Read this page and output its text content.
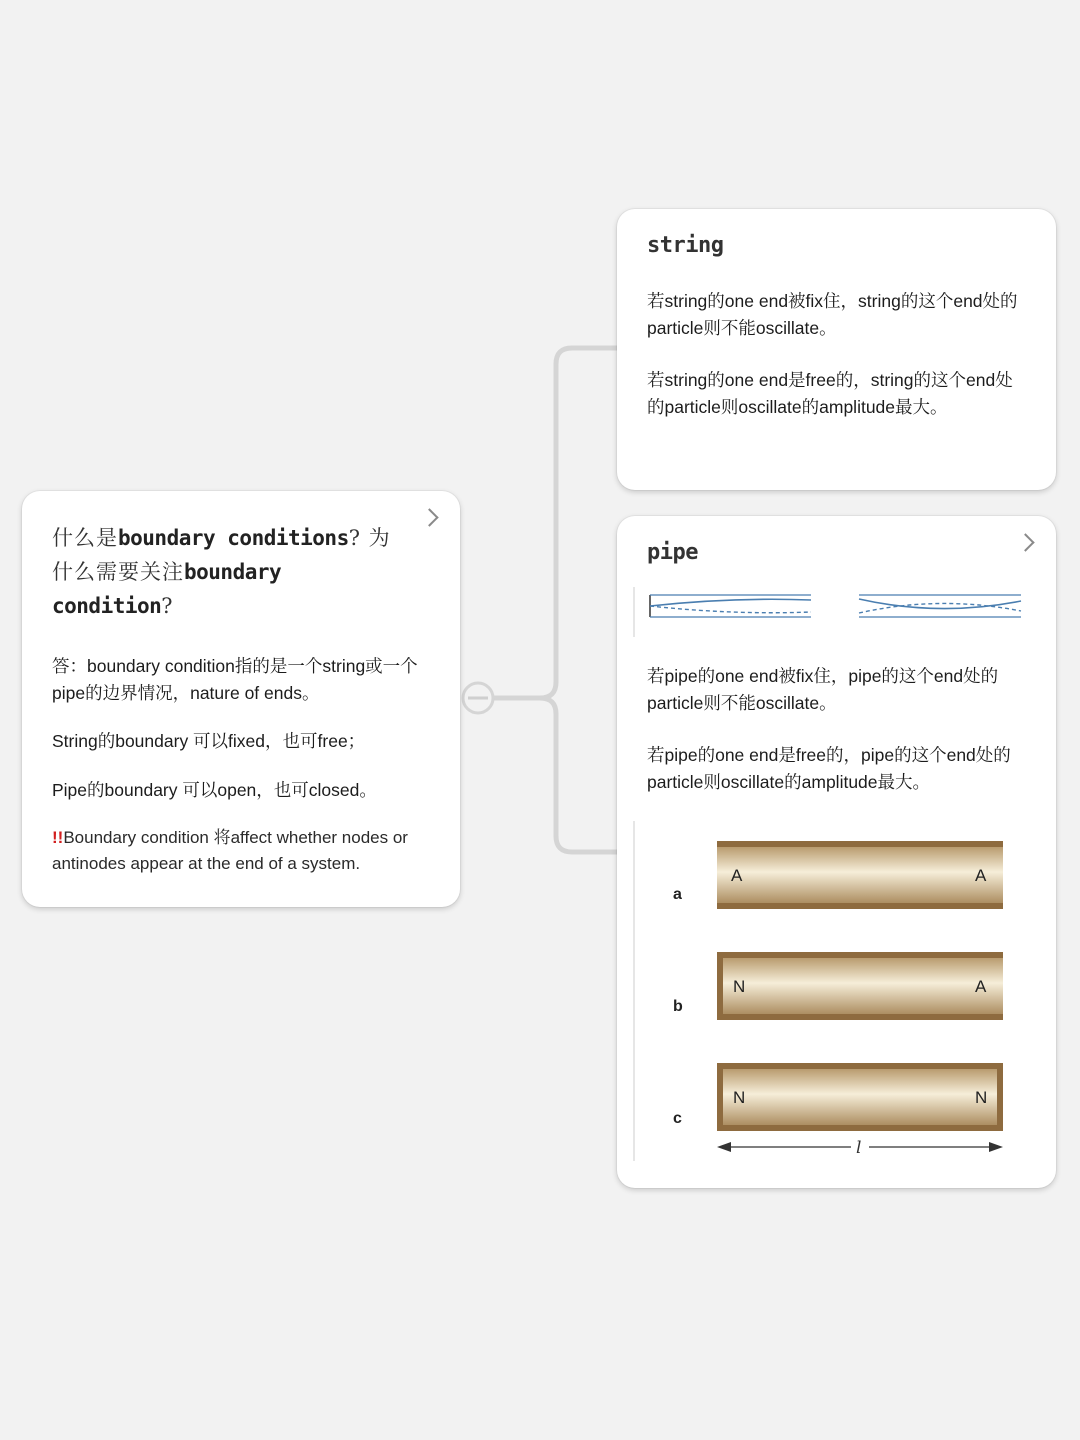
什么是boundary conditions? 为什么需要关注boundary condition?

答：boundary condition指的是一个string或一个pipe的边界情况，nature of ends。

String的boundary 可以fixed，也可free；

Pipe的boundary 可以open，也可closed。

!!Boundary condition 将affect whether nodes or antinodes appear at the end of a system.

string

若string的one end被fix住，string的这个end处的particle则不能oscillate。

若string的one end是free的，string的这个end处的particle则oscillate的amplitude最大。

pipe

若pipe的one end被fix住，pipe的这个end处的particle则不能oscillate。

若pipe的one end是free的，pipe的这个end处的particle则oscillate的amplitude最大。

a
A	A
b
N	A
c
N	N
l
